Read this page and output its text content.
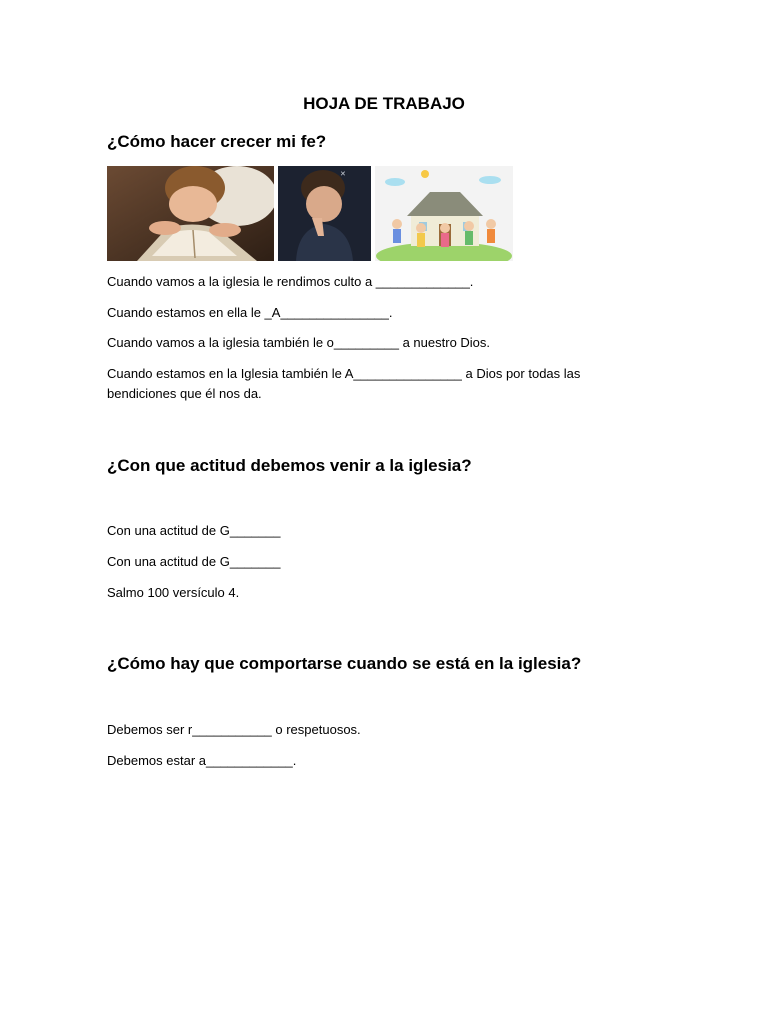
HOJA DE TRABAJO
¿Cómo hacer crecer mi fe?
✕
Cuando vamos a la iglesia le rendimos culto a _____________.
Cuando estamos en ella le _A_______________.
Cuando vamos a la iglesia también le o_________ a nuestro Dios.
Cuando estamos en la Iglesia también le A_______________ a Dios por todas las bendiciones que él nos da.
¿Con que actitud debemos venir a la iglesia?
Con una actitud de G_______
Con una actitud de G_______
Salmo 100 versículo 4.
¿Cómo hay que comportarse cuando se está en la iglesia?
Debemos ser r___________ o respetuosos.
Debemos estar a____________.
